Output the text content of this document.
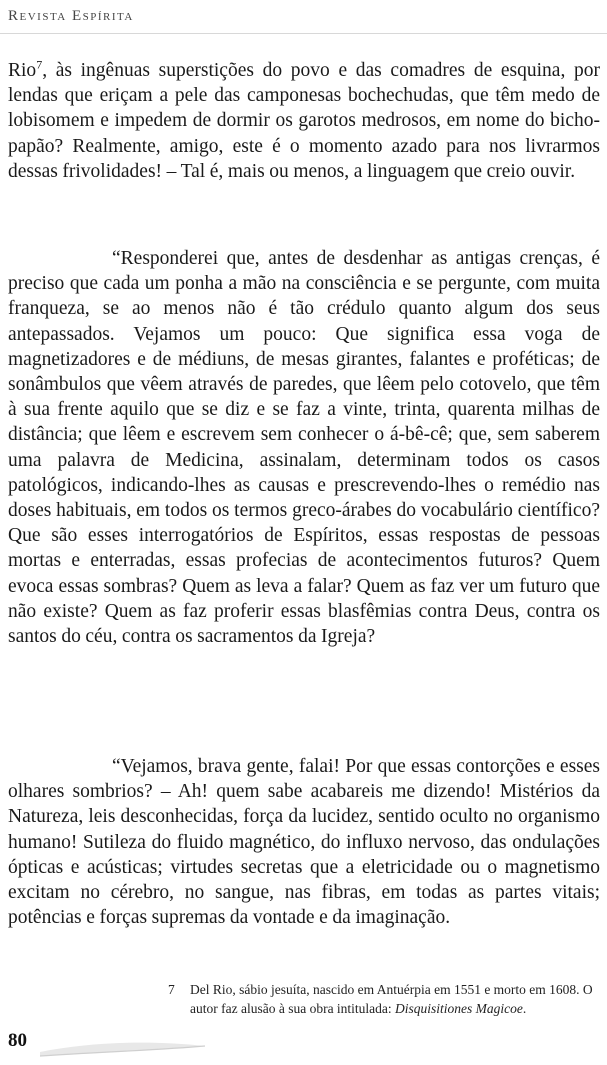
Revista Espírita
Rio$^7$, às ingênuas superstições do povo e das comadres de esquina, por lendas que eriçam a pele das camponesas bochechudas, que têm medo de lobisomem e impedem de dormir os garotos medrosos, em nome do bicho-papão? Realmente, amigo, este é o momento azado para nos livrarmos dessas frivolidades! – Tal é, mais ou menos, a linguagem que creio ouvir.
“Responderei que, antes de desdenhar as antigas crenças, é preciso que cada um ponha a mão na consciência e se pergunte, com muita franqueza, se ao menos não é tão crédulo quanto algum dos seus antepassados. Vejamos um pouco: Que significa essa voga de magnetizadores e de médiuns, de mesas girantes, falantes e proféticas; de sonâmbulos que vêem através de paredes, que lêem pelo cotovelo, que têm à sua frente aquilo que se diz e se faz a vinte, trinta, quarenta milhas de distância; que lêem e escrevem sem conhecer o á-bê-cê; que, sem saberem uma palavra de Medicina, assinalam, determinam todos os casos patológicos, indicando-lhes as causas e prescrevendo-lhes o remédio nas doses habituais, em todos os termos greco-árabes do vocabulário científico? Que são esses interrogatórios de Espíritos, essas respostas de pessoas mortas e enterradas, essas profecias de acontecimentos futuros? Quem evoca essas sombras? Quem as leva a falar? Quem as faz ver um futuro que não existe? Quem as faz proferir essas blasfêmias contra Deus, contra os santos do céu, contra os sacramentos da Igreja?
“Vejamos, brava gente, falai! Por que essas contorções e esses olhares sombrios? – Ah! quem sabe acabareis me dizendo! Mistérios da Natureza, leis desconhecidas, força da lucidez, sentido oculto no organismo humano! Sutileza do fluido magnético, do influxo nervoso, das ondulações ópticas e acústicas; virtudes secretas que a eletricidade ou o magnetismo excitam no cérebro, no sangue, nas fibras, em todas as partes vitais; potências e forças supremas da vontade e da imaginação.
7 Del Rio, sábio jesuíta, nascido em Antuérpia em 1551 e morto em 1608. O autor faz alusão à sua obra intitulada: Disquisitiones Magicoe.

80
